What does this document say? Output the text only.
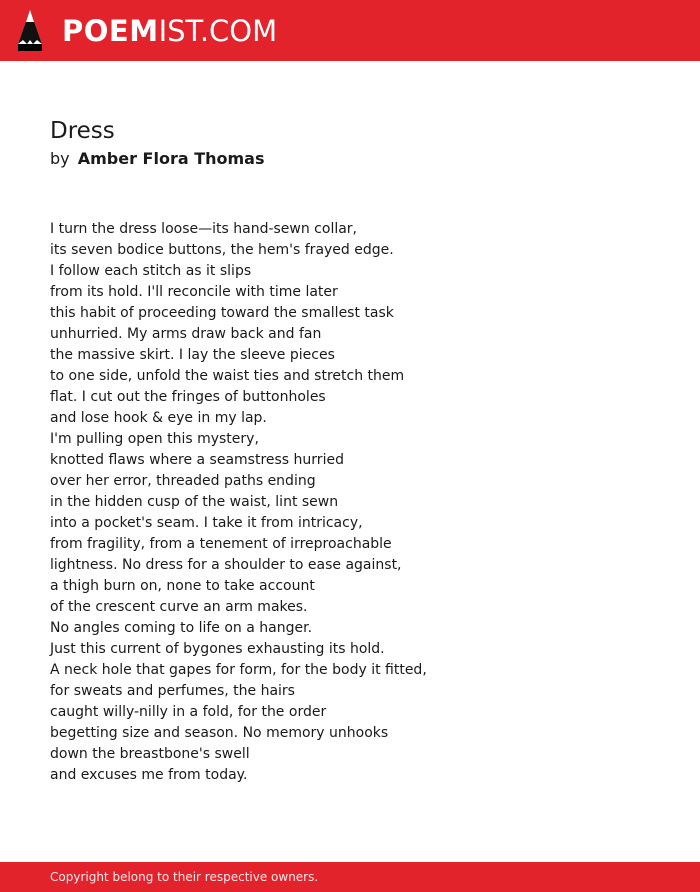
POEM IST.COM
Dress
by Amber Flora Thomas
I turn the dress loose—its hand-sewn collar,
its seven bodice buttons, the hem's frayed edge.
I follow each stitch as it slips
from its hold. I'll reconcile with time later
this habit of proceeding toward the smallest task
unhurried. My arms draw back and fan
the massive skirt. I lay the sleeve pieces
to one side, unfold the waist ties and stretch them
flat. I cut out the fringes of buttonholes
and lose hook & eye in my lap.
I'm pulling open this mystery,
knotted flaws where a seamstress hurried
over her error, threaded paths ending
in the hidden cusp of the waist, lint sewn
into a pocket's seam. I take it from intricacy,
from fragility, from a tenement of irreproachable
lightness. No dress for a shoulder to ease against,
a thigh burn on, none to take account
of the crescent curve an arm makes.
No angles coming to life on a hanger.
Just this current of bygones exhausting its hold.
A neck hole that gapes for form, for the body it fitted,
for sweats and perfumes, the hairs
caught willy-nilly in a fold, for the order
begetting size and season. No memory unhooks
down the breastbone's swell
and excuses me from today.
Copyright belong to their respective owners.
